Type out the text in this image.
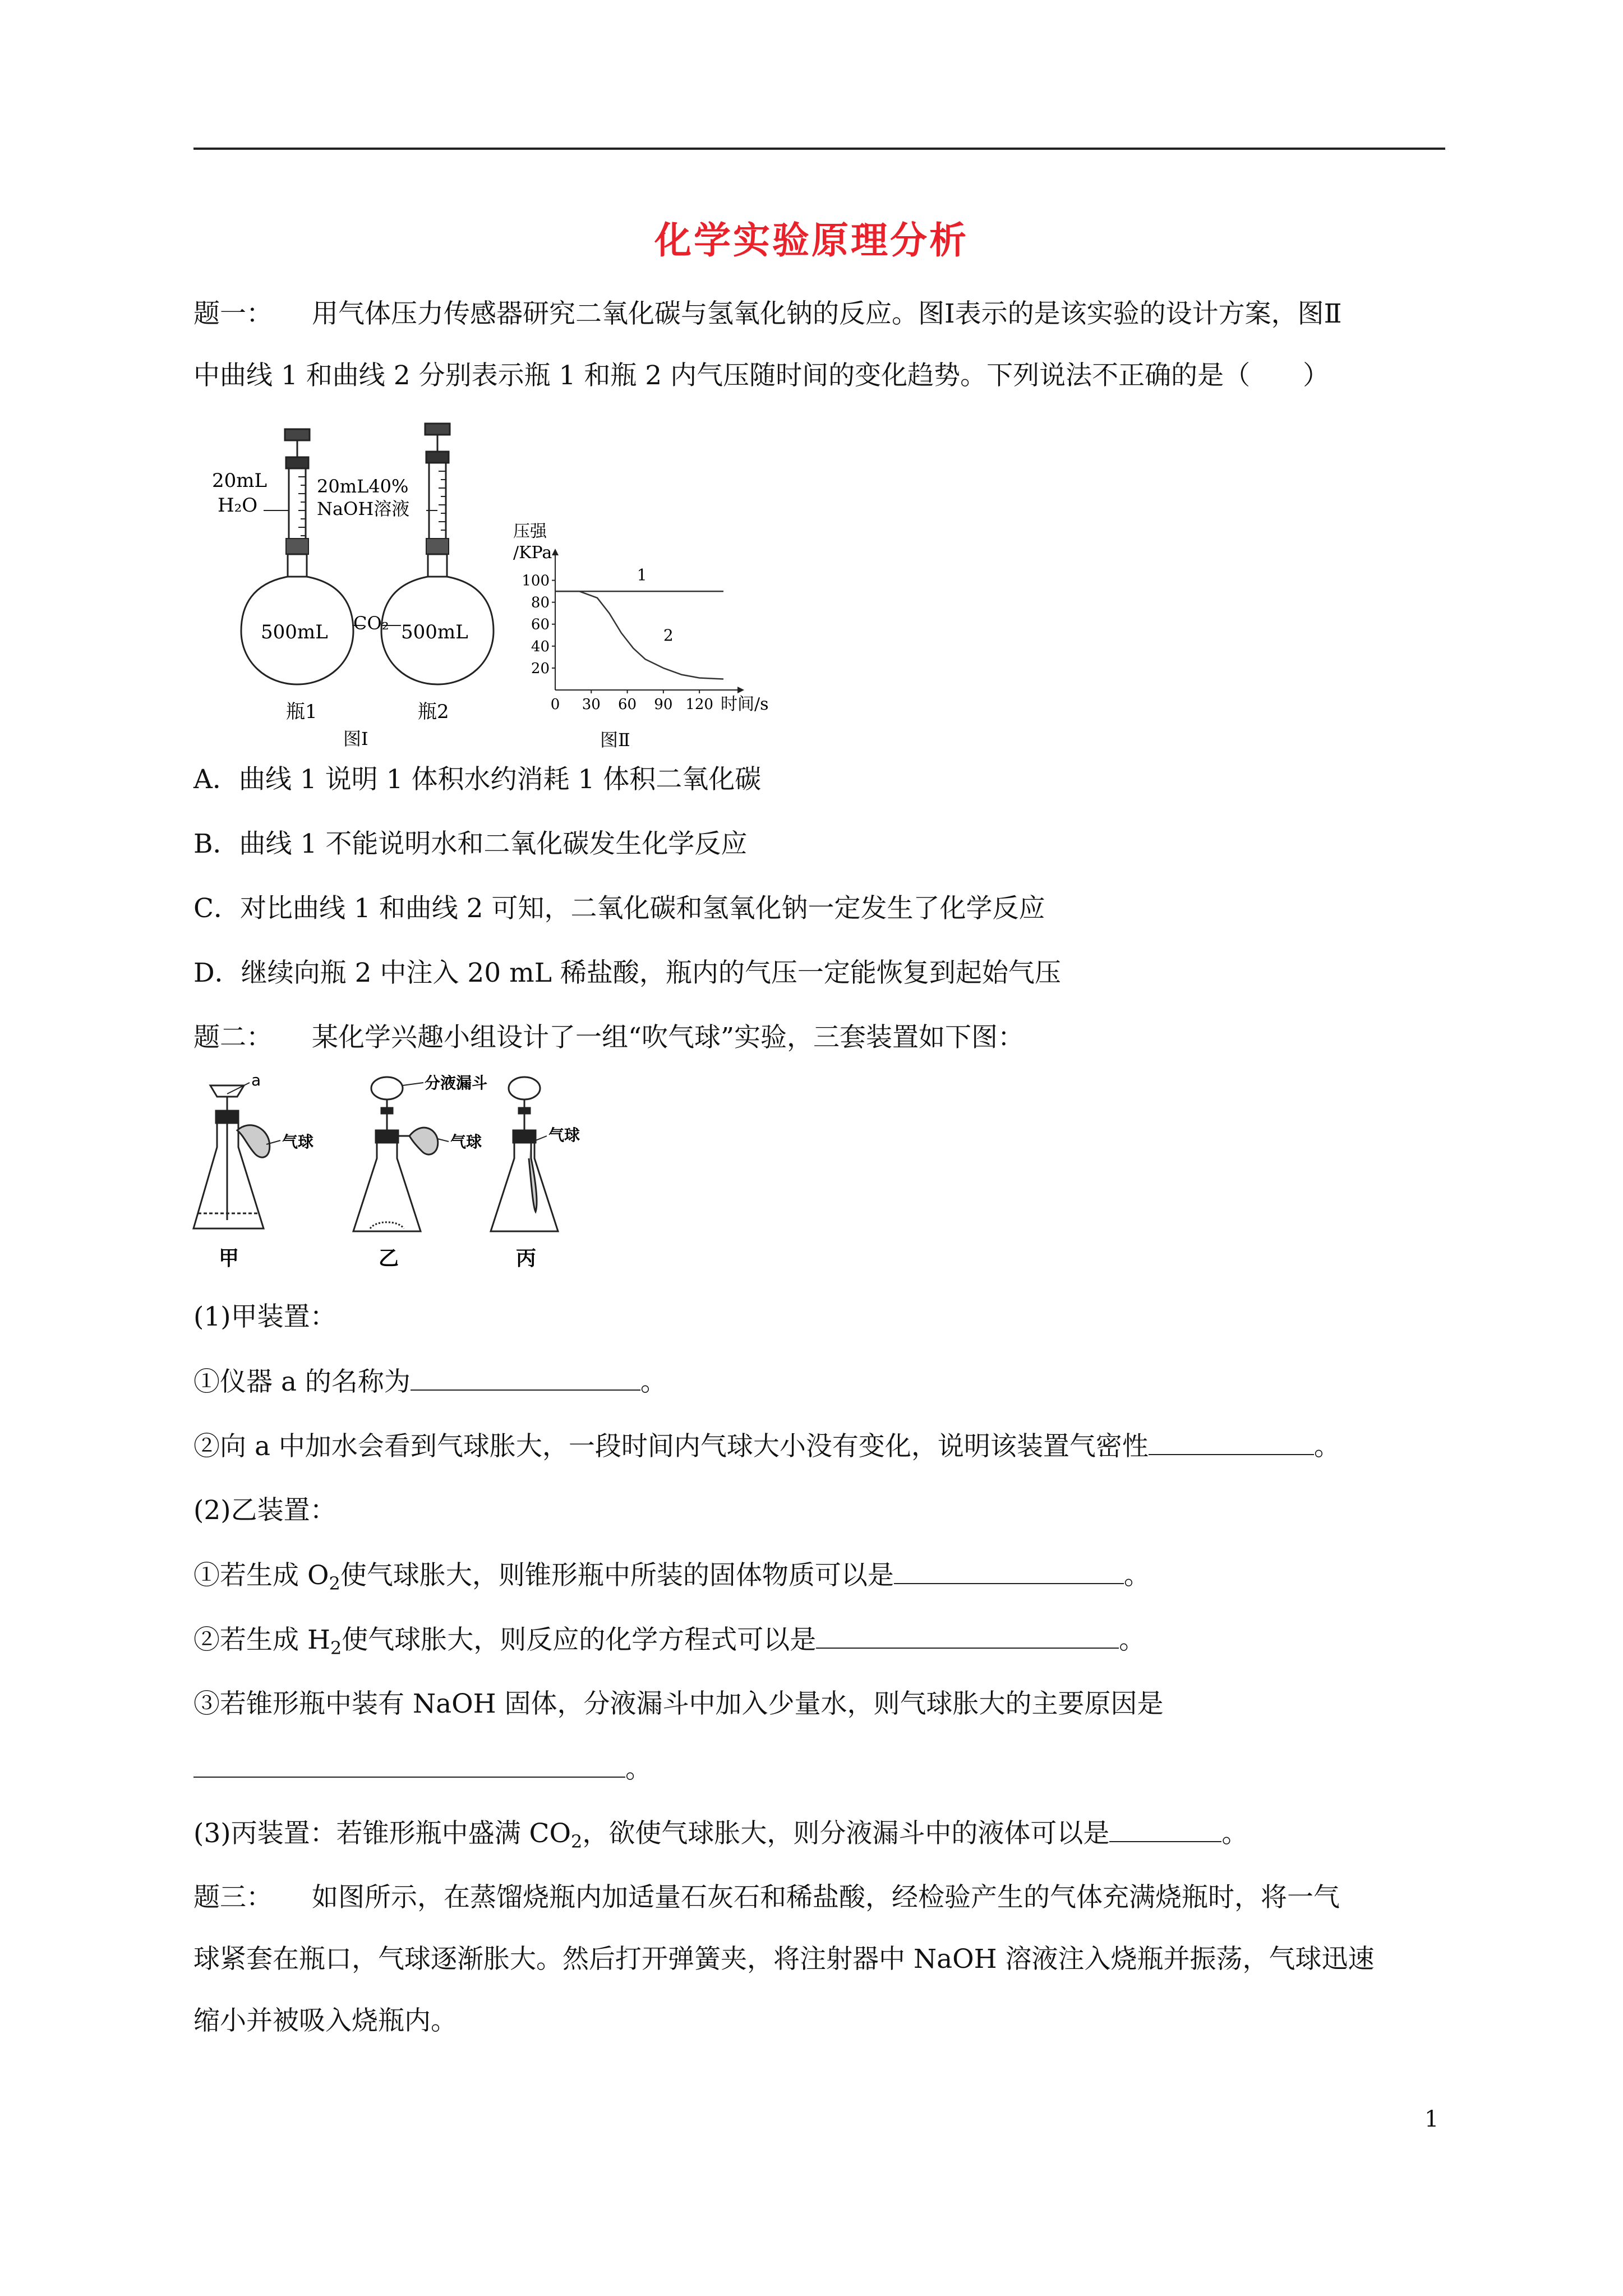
化学实验原理分析
题一： 用气体压力传感器研究二氧化碳与氢氧化钠的反应。图Ⅰ表示的是该实验的设计方案，图Ⅱ
中曲线 1 和曲线 2 分别表示瓶 1 和瓶 2 内气压随时间的变化趋势。下列说法不正确的是（　　）
20mL
H₂O
20mL40%
NaOH溶液
500mL	500mL
CO₂
瓶1	瓶2
图Ⅰ
压强
/KPa
时间/s
图Ⅱ
20
40
60
80
100
0 30 60 90 120
1
2
A．曲线 1 说明 1 体积水约消耗 1 体积二氧化碳
B．曲线 1 不能说明水和二氧化碳发生化学反应
C．对比曲线 1 和曲线 2 可知，二氧化碳和氢氧化钠一定发生了化学反应
D．继续向瓶 2 中注入 20 mL 稀盐酸，瓶内的气压一定能恢复到起始气压
题二： 某化学兴趣小组设计了一组“吹气球”实验，三套装置如下图：
a
气球
甲
分液漏斗
气球
乙
气球
丙
(1)甲装置：
①仪器 a 的名称为	。
②向 a 中加水会看到气球胀大，一段时间内气球大小没有变化，说明该装置气密性	。
(2)乙装置：
①若生成 $O_2$使气球胀大，则锥形瓶中所装的固体物质可以是	。
②若生成 $H_2$使气球胀大，则反应的化学方程式可以是	。
③若锥形瓶中装有 NaOH 固体，分液漏斗中加入少量水，则气球胀大的主要原因是
。
(3)丙装置：若锥形瓶中盛满 $CO_2$，欲使气球胀大，则分液漏斗中的液体可以是	。
题三： 如图所示，在蒸馏烧瓶内加适量石灰石和稀盐酸，经检验产生的气体充满烧瓶时，将一气
球紧套在瓶口，气球逐渐胀大。然后打开弹簧夹，将注射器中 NaOH 溶液注入烧瓶并振荡，气球迅速
缩小并被吸入烧瓶内。
1
